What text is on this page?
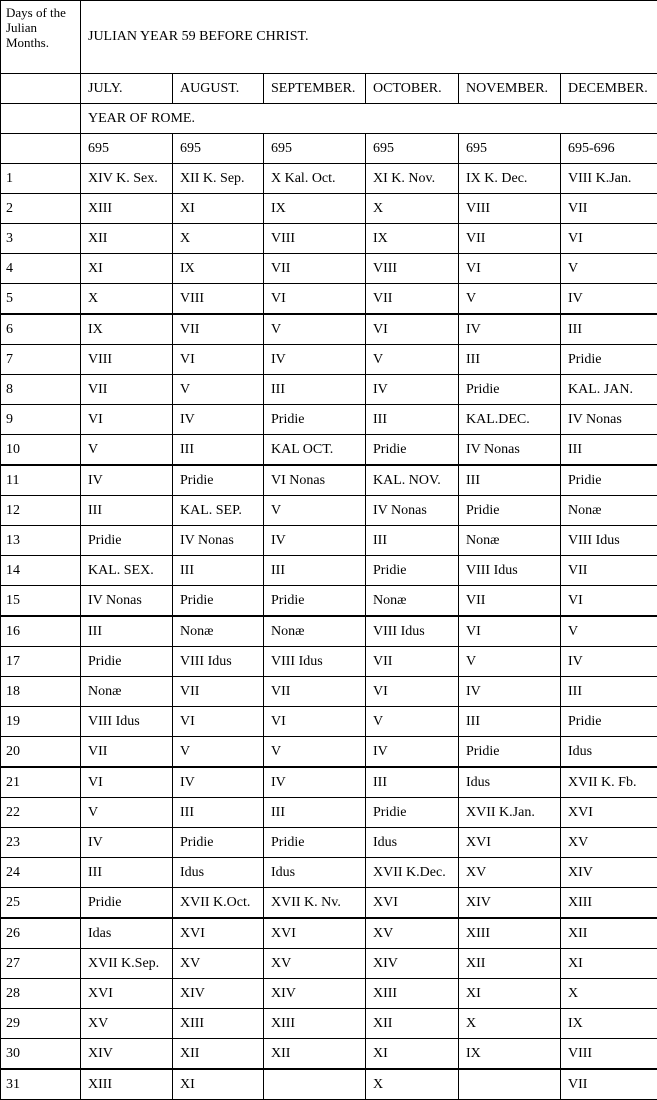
Days of the Julian Months.	JULIAN YEAR 59 BEFORE CHRIST.					
	JULY.	AUGUST.	SEPTEMBER.	OCTOBER.	NOVEMBER.	DECEMBER.
	YEAR OF ROME.					
	695	695	695	695	695	695-696
1	XIV K. Sex.	XII K. Sep.	X Kal. Oct.	XI K. Nov.	IX K. Dec.	VIII K.Jan.
2	XIII	XI	IX	X	VIII	VII
3	XII	X	VIII	IX	VII	VI
4	XI	IX	VII	VIII	VI	V
5	X	VIII	VI	VII	V	IV
6	IX	VII	V	VI	IV	III
7	VIII	VI	IV	V	III	Pridie
8	VII	V	III	IV	Pridie	KAL. JAN.
9	VI	IV	Pridie	III	KAL.DEC.	IV Nonas
10	V	III	KAL OCT.	Pridie	IV Nonas	III
11	IV	Pridie	VI Nonas	KAL. NOV.	III	Pridie
12	III	KAL. SEP.	V	IV Nonas	Pridie	Nonæ
13	Pridie	IV Nonas	IV	III	Nonæ	VIII Idus
14	KAL. SEX.	III	III	Pridie	VIII Idus	VII
15	IV Nonas	Pridie	Pridie	Nonæ	VII	VI
16	III	Nonæ	Nonæ	VIII Idus	VI	V
17	Pridie	VIII Idus	VIII Idus	VII	V	IV
18	Nonæ	VII	VII	VI	IV	III
19	VIII Idus	VI	VI	V	III	Pridie
20	VII	V	V	IV	Pridie	Idus
21	VI	IV	IV	III	Idus	XVII K. Fb.
22	V	III	III	Pridie	XVII K.Jan.	XVI
23	IV	Pridie	Pridie	Idus	XVI	XV
24	III	Idus	Idus	XVII K.Dec.	XV	XIV
25	Pridie	XVII K.Oct.	XVII K. Nv.	XVI	XIV	XIII
26	Idas	XVI	XVI	XV	XIII	XII
27	XVII K.Sep.	XV	XV	XIV	XII	XI
28	XVI	XIV	XIV	XIII	XI	X
29	XV	XIII	XIII	XII	X	IX
30	XIV	XII	XII	XI	IX	VIII
31	XIII	XI		X		VII
